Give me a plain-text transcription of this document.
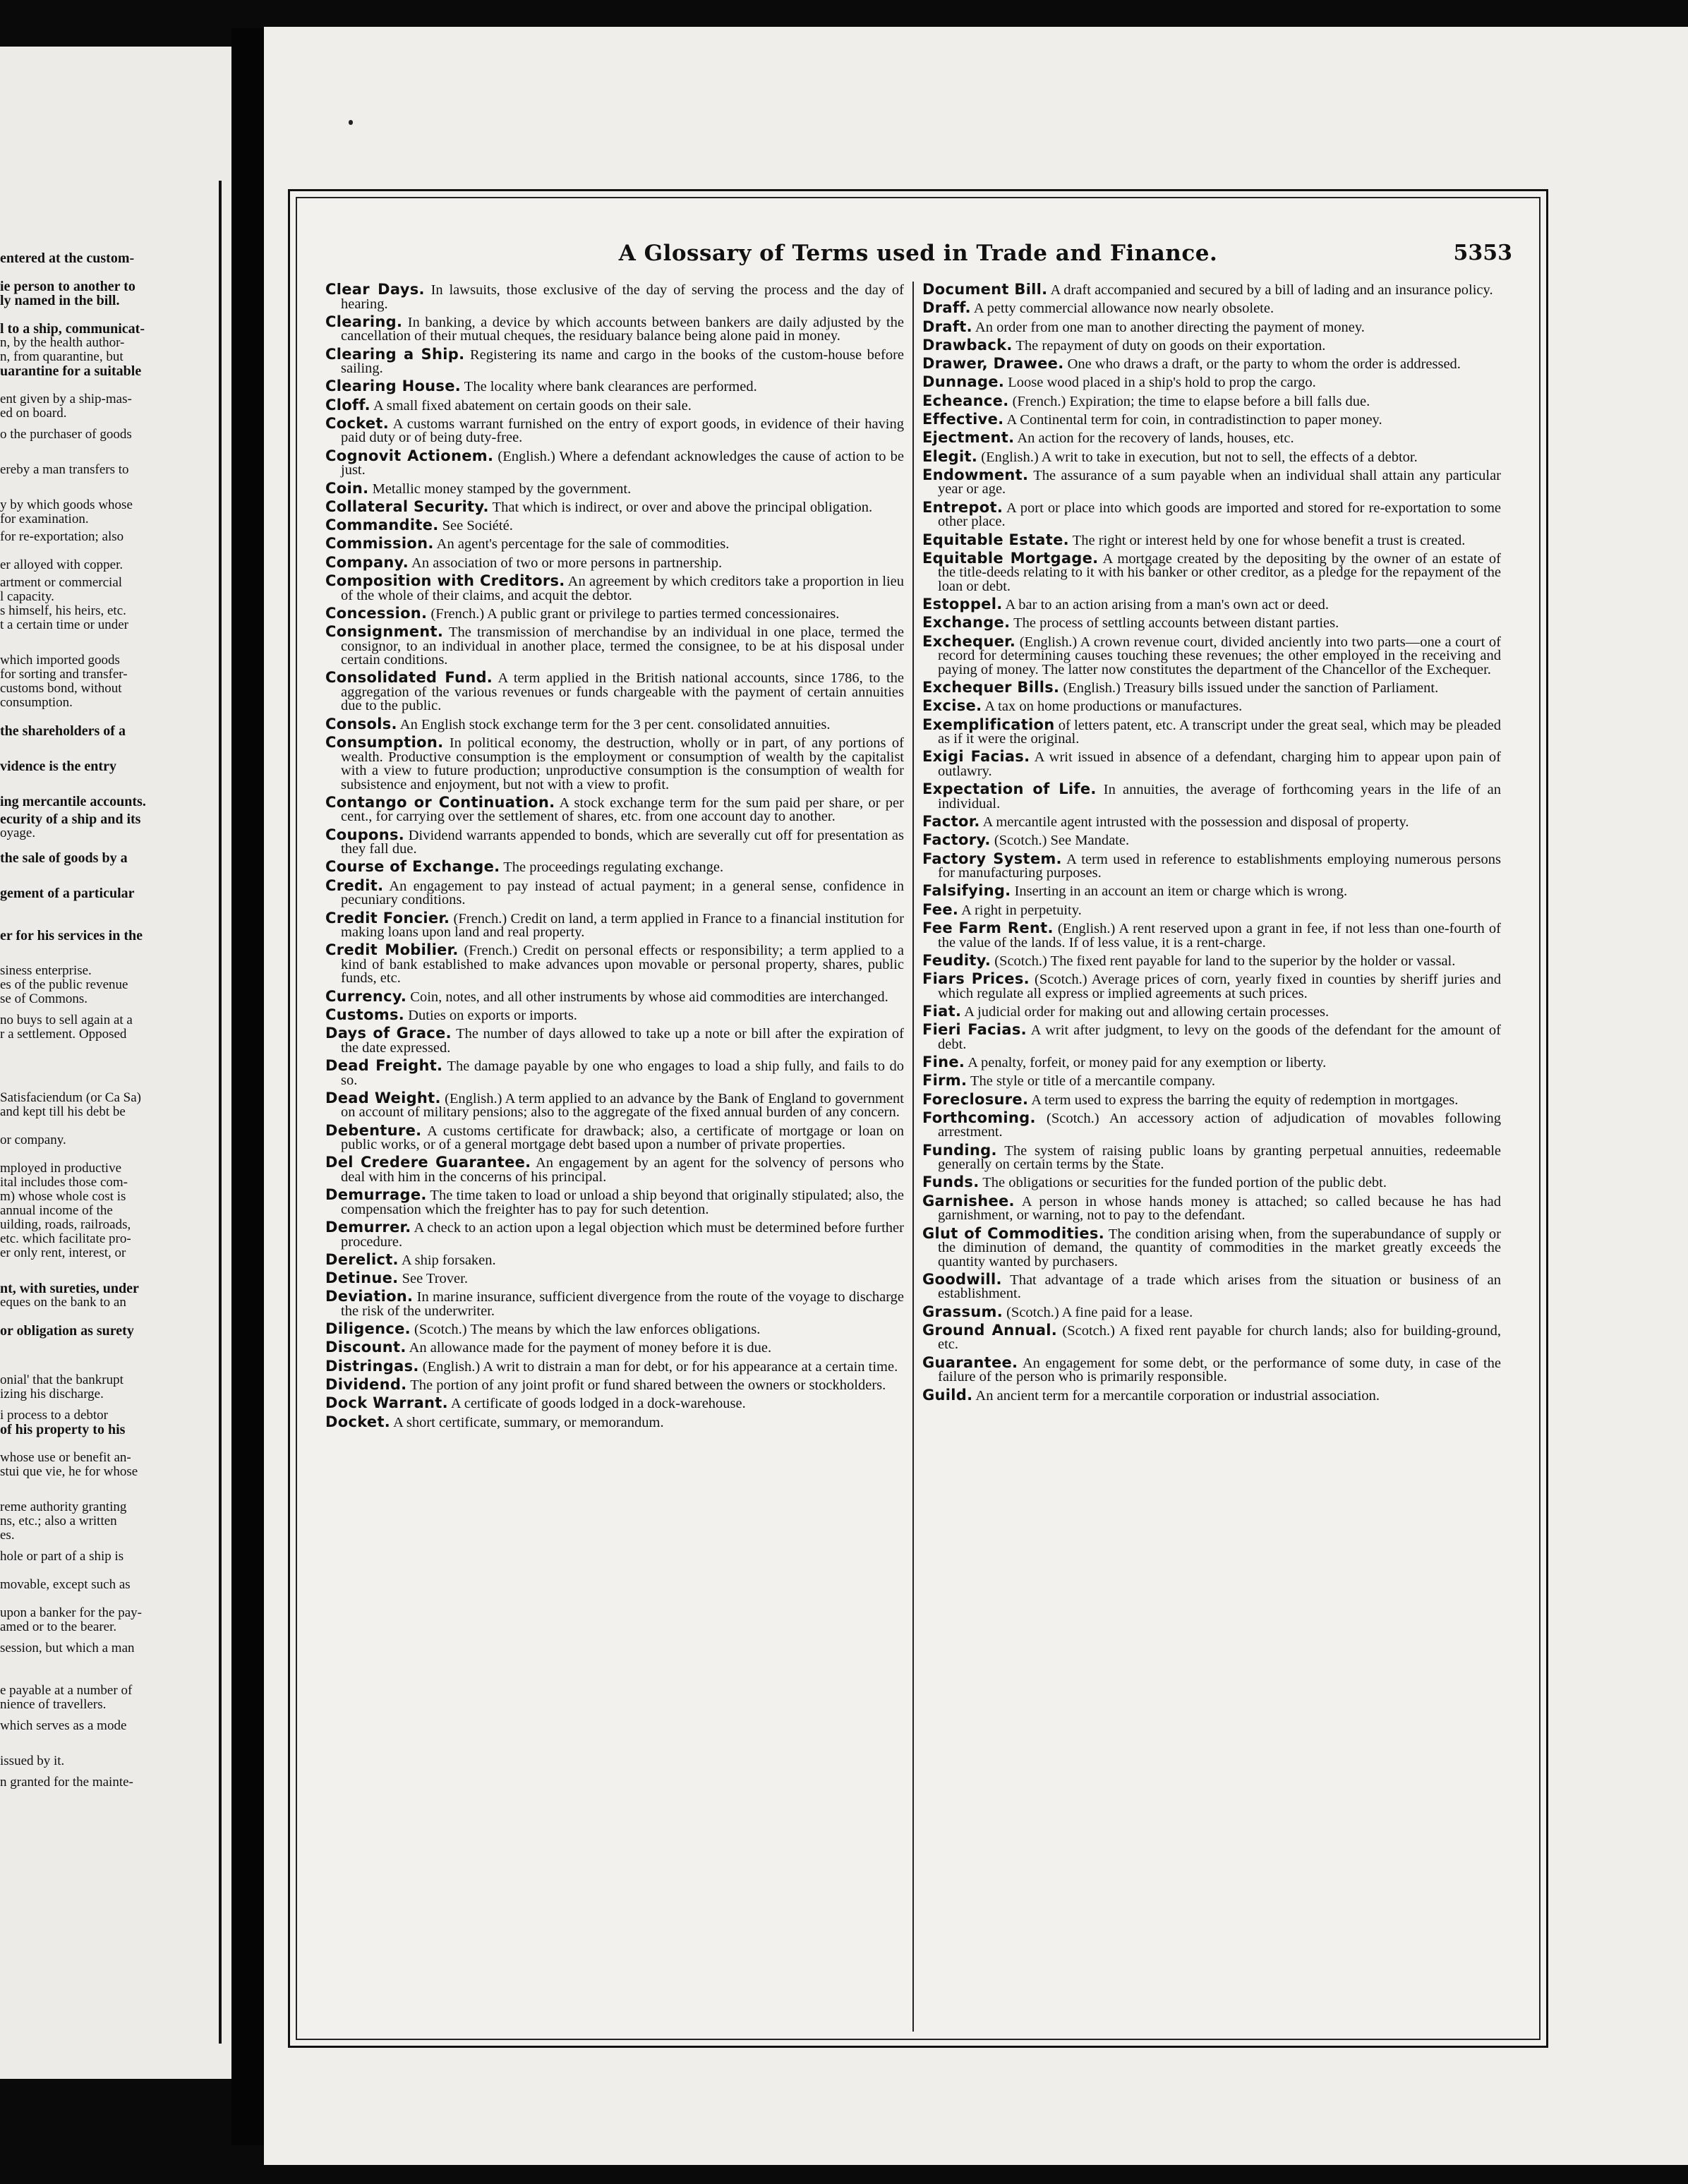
entered at the custom-
ie person to another to
ly named in the bill.
l to a ship, communicat-
n, by the health author-
n, from quarantine, but
uarantine for a suitable
ent given by a ship-mas-
ed on board.
o the purchaser of goods
ereby a man transfers to
y by which goods whose
for examination.
for re-exportation; also
er alloyed with copper.
artment or commercial
l capacity.
s himself, his heirs, etc.
t a certain time or under
which imported goods
for sorting and transfer-
customs bond, without
consumption.
the shareholders of a
vidence is the entry
ing mercantile accounts.
ecurity of a ship and its
oyage.
the sale of goods by a
gement of a particular
er for his services in the
siness enterprise.
es of the public revenue
se of Commons.
no buys to sell again at a
r a settlement. Opposed
Satisfaciendum (or Ca Sa)
and kept till his debt be
or company.
mployed in productive
ital includes those com-
m) whose whole cost is
annual income of the
uilding, roads, railroads,
etc. which facilitate pro-
er only rent, interest, or
nt, with sureties, under
eques on the bank to an
or obligation as surety
onial' that the bankrupt
izing his discharge.
i process to a debtor
of his property to his
whose use or benefit an-
stui que vie, he for whose
reme authority granting
ns, etc.; also a written
es.
hole or part of a ship is
movable, except such as
upon a banker for the pay-
amed or to the bearer.
session, but which a man
e payable at a number of
nience of travellers.
which serves as a mode
issued by it.
n granted for the mainte-
A Glossary of Terms used in Trade and Finance.	5353
Clear Days. In lawsuits, those exclusive of the day of serving the process and the day of hearing.
Clearing. In banking, a device by which accounts between bankers are daily adjusted by the cancellation of their mutual cheques, the residuary balance being alone paid in money.
Clearing a Ship. Registering its name and cargo in the books of the custom-house before sailing.
Clearing House. The locality where bank clearances are performed.
Cloff. A small fixed abatement on certain goods on their sale.
Cocket. A customs warrant furnished on the entry of export goods, in evidence of their having paid duty or of being duty-free.
Cognovit Actionem. (English.) Where a defendant acknowledges the cause of action to be just.
Coin. Metallic money stamped by the government.
Collateral Security. That which is indirect, or over and above the principal obligation.
Commandite. See Société.
Commission. An agent's percentage for the sale of commodities.
Company. An association of two or more persons in partnership.
Composition with Creditors. An agreement by which creditors take a proportion in lieu of the whole of their claims, and acquit the debtor.
Concession. (French.) A public grant or privilege to parties termed concessionaires.
Consignment. The transmission of merchandise by an individual in one place, termed the consignor, to an individual in another place, termed the consignee, to be at his disposal under certain conditions.
Consolidated Fund. A term applied in the British national accounts, since 1786, to the aggregation of the various revenues or funds chargeable with the payment of certain annuities due to the public.
Consols. An English stock exchange term for the 3 per cent. consolidated annuities.
Consumption. In political economy, the destruction, wholly or in part, of any portions of wealth. Productive consumption is the employment or consumption of wealth by the capitalist with a view to future production; unproductive consumption is the consumption of wealth for subsistence and enjoyment, but not with a view to profit.
Contango or Continuation. A stock exchange term for the sum paid per share, or per cent., for carrying over the settlement of shares, etc. from one account day to another.
Coupons. Dividend warrants appended to bonds, which are severally cut off for presentation as they fall due.
Course of Exchange. The proceedings regulating exchange.
Credit. An engagement to pay instead of actual payment; in a general sense, confidence in pecuniary conditions.
Credit Foncier. (French.) Credit on land, a term applied in France to a financial institution for making loans upon land and real property.
Credit Mobilier. (French.) Credit on personal effects or responsibility; a term applied to a kind of bank established to make advances upon movable or personal property, shares, public funds, etc.
Currency. Coin, notes, and all other instruments by whose aid commodities are interchanged.
Customs. Duties on exports or imports.
Days of Grace. The number of days allowed to take up a note or bill after the expiration of the date expressed.
Dead Freight. The damage payable by one who engages to load a ship fully, and fails to do so.
Dead Weight. (English.) A term applied to an advance by the Bank of England to government on account of military pensions; also to the aggregate of the fixed annual burden of any concern.
Debenture. A customs certificate for drawback; also, a certificate of mortgage or loan on public works, or of a general mortgage debt based upon a number of private properties.
Del Credere Guarantee. An engagement by an agent for the solvency of persons who deal with him in the concerns of his principal.
Demurrage. The time taken to load or unload a ship beyond that originally stipulated; also, the compensation which the freighter has to pay for such detention.
Demurrer. A check to an action upon a legal objection which must be determined before further procedure.
Derelict. A ship forsaken.
Detinue. See Trover.
Deviation. In marine insurance, sufficient divergence from the route of the voyage to discharge the risk of the underwriter.
Diligence. (Scotch.) The means by which the law enforces obligations.
Discount. An allowance made for the payment of money before it is due.
Distringas. (English.) A writ to distrain a man for debt, or for his appearance at a certain time.
Dividend. The portion of any joint profit or fund shared between the owners or stockholders.
Dock Warrant. A certificate of goods lodged in a dock-warehouse.
Docket. A short certificate, summary, or memorandum.
Document Bill. A draft accompanied and secured by a bill of lading and an insurance policy.
Draff. A petty commercial allowance now nearly obsolete.
Draft. An order from one man to another directing the payment of money.
Drawback. The repayment of duty on goods on their exportation.
Drawer, Drawee. One who draws a draft, or the party to whom the order is addressed.
Dunnage. Loose wood placed in a ship's hold to prop the cargo.
Echeance. (French.) Expiration; the time to elapse before a bill falls due.
Effective. A Continental term for coin, in contradistinction to paper money.
Ejectment. An action for the recovery of lands, houses, etc.
Elegit. (English.) A writ to take in execution, but not to sell, the effects of a debtor.
Endowment. The assurance of a sum payable when an individual shall attain any particular year or age.
Entrepot. A port or place into which goods are imported and stored for re-exportation to some other place.
Equitable Estate. The right or interest held by one for whose benefit a trust is created.
Equitable Mortgage. A mortgage created by the depositing by the owner of an estate of the title-deeds relating to it with his banker or other creditor, as a pledge for the repayment of the loan or debt.
Estoppel. A bar to an action arising from a man's own act or deed.
Exchange. The process of settling accounts between distant parties.
Exchequer. (English.) A crown revenue court, divided anciently into two parts—one a court of record for determining causes touching these revenues; the other employed in the receiving and paying of money. The latter now constitutes the department of the Chancellor of the Exchequer.
Exchequer Bills. (English.) Treasury bills issued under the sanction of Parliament.
Excise. A tax on home productions or manufactures.
Exemplification of letters patent, etc. A transcript under the great seal, which may be pleaded as if it were the original.
Exigi Facias. A writ issued in absence of a defendant, charging him to appear upon pain of outlawry.
Expectation of Life. In annuities, the average of forthcoming years in the life of an individual.
Factor. A mercantile agent intrusted with the possession and disposal of property.
Factory. (Scotch.) See Mandate.
Factory System. A term used in reference to establishments employing numerous persons for manufacturing purposes.
Falsifying. Inserting in an account an item or charge which is wrong.
Fee. A right in perpetuity.
Fee Farm Rent. (English.) A rent reserved upon a grant in fee, if not less than one-fourth of the value of the lands. If of less value, it is a rent-charge.
Feudity. (Scotch.) The fixed rent payable for land to the superior by the holder or vassal.
Fiars Prices. (Scotch.) Average prices of corn, yearly fixed in counties by sheriff juries and which regulate all express or implied agreements at such prices.
Fiat. A judicial order for making out and allowing certain processes.
Fieri Facias. A writ after judgment, to levy on the goods of the defendant for the amount of debt.
Fine. A penalty, forfeit, or money paid for any exemption or liberty.
Firm. The style or title of a mercantile company.
Foreclosure. A term used to express the barring the equity of redemption in mortgages.
Forthcoming. (Scotch.) An accessory action of adjudication of movables following arrestment.
Funding. The system of raising public loans by granting perpetual annuities, redeemable generally on certain terms by the State.
Funds. The obligations or securities for the funded portion of the public debt.
Garnishee. A person in whose hands money is attached; so called because he has had garnishment, or warning, not to pay to the defendant.
Glut of Commodities. The condition arising when, from the superabundance of supply or the diminution of demand, the quantity of commodities in the market greatly exceeds the quantity wanted by purchasers.
Goodwill. That advantage of a trade which arises from the situation or business of an establishment.
Grassum. (Scotch.) A fine paid for a lease.
Ground Annual. (Scotch.) A fixed rent payable for church lands; also for building-ground, etc.
Guarantee. An engagement for some debt, or the performance of some duty, in case of the failure of the person who is primarily responsible.
Guild. An ancient term for a mercantile corporation or industrial association.
